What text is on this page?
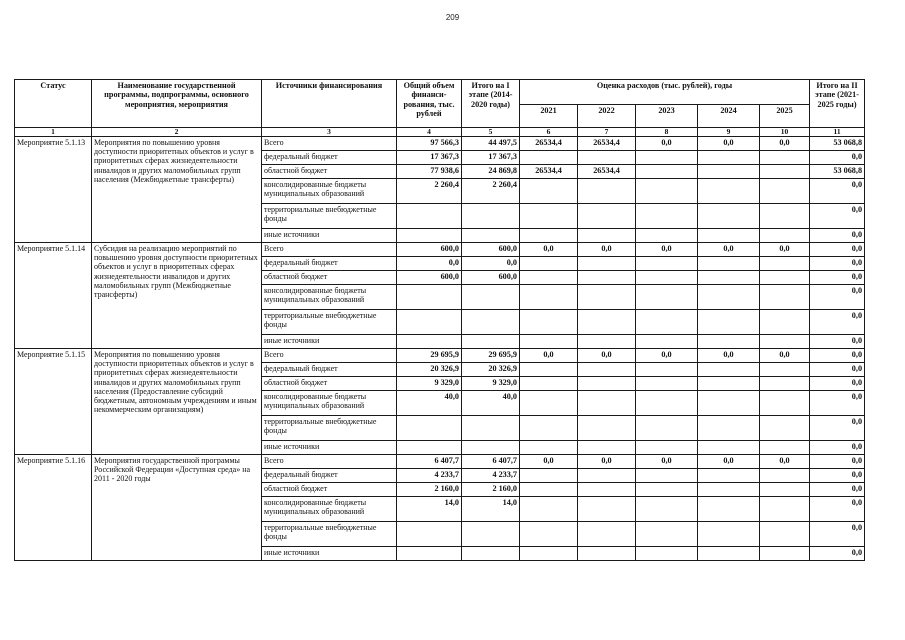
209
Статус	Наименование государственной программы, подпрограммы, основного мероприятия, мероприятия	Источники финансирования	Общий объем финанси- рования, тыс. рублей	Итого на I этапе (2014- 2020 годы)	Оценка расходов (тыс. рублей), годы					Итого на II этапе (2021- 2025 годы)
					2021	2022	2023	2024	2025	
1	2	3	4	5	6	7	8	9	10	11
Мероприятие 5.1.13	Мероприятия по повышению уровня доступности приоритетных объектов и услуг в приоритетных сферах жизнедеятельности инвалидов и других маломобильных групп населения (Межбюджетные трансферты)	Всего	97 566,3	44 497,5	26534,4	26534,4	0,0	0,0	0,0	53 068,8
		федеральный бюджет	17 367,3	17 367,3						0,0
		областной бюджет	77 938,6	24 869,8	26534,4	26534,4				53 068,8
		консолидированные бюджеты муниципальных образований	2 260,4	2 260,4						0,0
		территориальные внебюджетные фонды								0,0
		иные источники								0,0
Мероприятие 5.1.14	Субсидия на реализацию мероприятий по повышению уровня доступности приоритетных объектов и услуг в приоритетных сферах жизнедеятельности инвалидов и других маломобильных групп (Межбюджетные трансферты)	Всего	600,0	600,0	0,0	0,0	0,0	0,0	0,0	0,0
		федеральный бюджет	0,0	0,0						0,0
		областной бюджет	600,0	600,0						0,0
		консолидированные бюджеты муниципальных образований								0,0
		территориальные внебюджетные фонды								0,0
		иные источники								0,0
Мероприятие 5.1.15	Мероприятия по повышению уровня доступности приоритетных объектов и услуг в приоритетных сферах жизнедеятельности инвалидов и других маломобильных групп населения (Предоставление субсидий бюджетным, автономным учреждениям и иным некоммерческим организациям)	Всего	29 695,9	29 695,9	0,0	0,0	0,0	0,0	0,0	0,0
		федеральный бюджет	20 326,9	20 326,9						0,0
		областной бюджет	9 329,0	9 329,0						0,0
		консолидированные бюджеты муниципальных образований	40,0	40,0						0,0
		территориальные внебюджетные фонды								0,0
		иные источники								0,0
Мероприятие 5.1.16	Мероприятия государственной программы Российской Федерации «Доступная среда» на 2011 - 2020 годы	Всего	6 407,7	6 407,7	0,0	0,0	0,0	0,0	0,0	0,0
		федеральный бюджет	4 233,7	4 233,7						0,0
		областной бюджет	2 160,0	2 160,0						0,0
		консолидированные бюджеты муниципальных образований	14,0	14,0						0,0
		территориальные внебюджетные фонды								0,0
		иные источники								0,0
